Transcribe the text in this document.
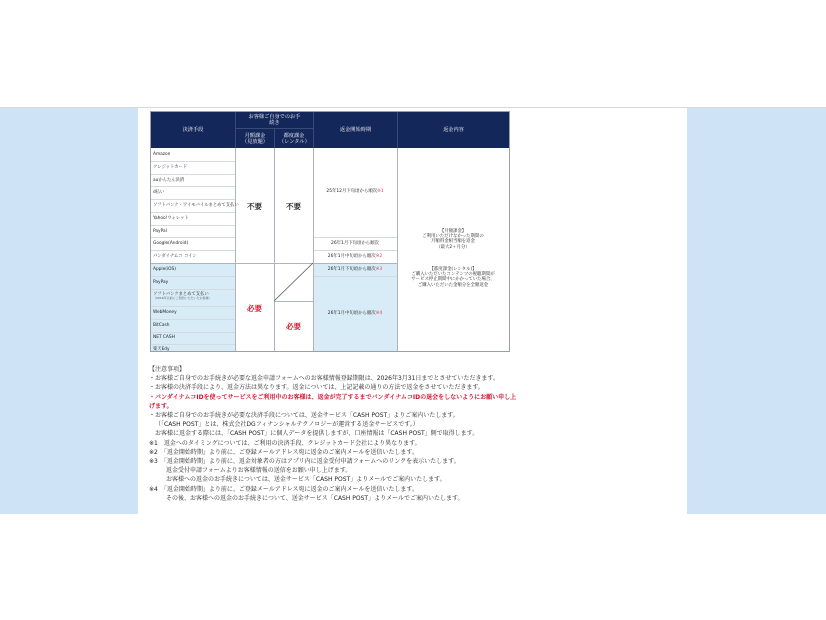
決済手段
お客様ご自身でのお手続き
月額課金（見放題）
都度課金（レンタル）
返金開始時期	返金内容
Amazon
クレジットカード
auかんたん決済
d払い
ソフトバンク・ワイモバイルまとめて支払い
Yahoo!ウォレット
PayPal
Google(Android)
バンダイナムコ コイン
Apple(iOS)
PayPay
ソフトバンクまとめて支払い
（2016年以前にご契約いただいたお客様）
WebMoney
BitCash
NET CASH
楽天Edy
不要	不要
必要
必要
25年12月下旬頃から順次※1
26年1月下旬頃から順次
26年1月中旬頃から順次※2
26年1月下旬頃から順次※3
26年1月中旬頃から順次※4
【月額課金】
ご利用いただけなかった期間の
月額料金相当額を返金
（最大2ヶ月分）
【都度課金(レンタル)】
ご購入いただいたコンテンツの視聴期間が
サービス停止期間中にかかっていた場合、
ご購入いただいた金額分を全額返金
【注意事項】
・お客様ご自身でのお手続きが必要な返金申請フォームへのお客様情報登録期限は、2026年3月31日までとさせていただきます。
・お客様の決済手段により、返金方法は異なります。返金については、上記記載の通りの方法で返金をさせていただきます。
・バンダイナムコIDを使ってサービスをご利用中のお客様は、返金が完了するまでバンダイナムコIDの退会をしないようにお願い申し上げます。
・お客様ご自身でのお手続きが必要な決済手段については、送金サービス「CASH POST」よりご案内いたします。
（「CASH POST」とは、株式会社DGフィナンシャルテクノロジーが運営する送金サービスです。）
お客様に返金する際には、「CASH POST」に個人データを提供しますが、口座情報は「CASH POST」側で取得します。
※1　返金へのタイミングについては、ご利用の決済手段、クレジットカード会社により異なります。
※2　「返金開始時期」より前に、ご登録メールアドレス宛に返金のご案内メールを送信いたします。
※3　「返金開始時期」より前に、返金対象者の方はアプリ内に返金受付申請フォームへのリンクを表示いたします。
返金受付申請フォームよりお客様情報の送信をお願い申し上げます。
お客様への返金のお手続きについては、送金サービス「CASH POST」よりメールでご案内いたします。
※4　「返金開始時期」より前に、ご登録メールアドレス宛に返金のご案内メールを送信いたします。
その後、お客様への返金のお手続きについて、送金サービス「CASH POST」よりメールでご案内いたします。
